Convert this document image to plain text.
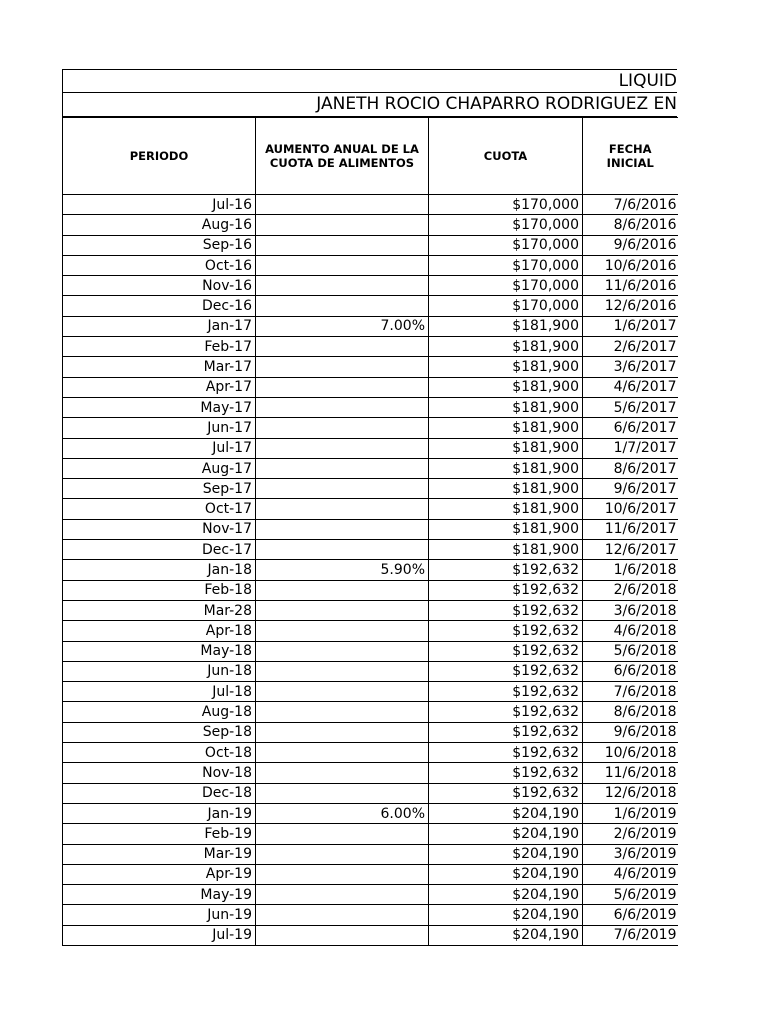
LIQUID
JANETH ROCIO CHAPARRO RODRIGUEZ EN
PERIODO	AUMENTO ANUAL DE LA CUOTA DE ALIMENTOS	CUOTA	FECHA INICIAL
Jul-16		$170,000	7/6/2016
Aug-16		$170,000	8/6/2016
Sep-16		$170,000	9/6/2016
Oct-16		$170,000	10/6/2016
Nov-16		$170,000	11/6/2016
Dec-16		$170,000	12/6/2016
Jan-17	7.00%	$181,900	1/6/2017
Feb-17		$181,900	2/6/2017
Mar-17		$181,900	3/6/2017
Apr-17		$181,900	4/6/2017
May-17		$181,900	5/6/2017
Jun-17		$181,900	6/6/2017
Jul-17		$181,900	1/7/2017
Aug-17		$181,900	8/6/2017
Sep-17		$181,900	9/6/2017
Oct-17		$181,900	10/6/2017
Nov-17		$181,900	11/6/2017
Dec-17		$181,900	12/6/2017
Jan-18	5.90%	$192,632	1/6/2018
Feb-18		$192,632	2/6/2018
Mar-28		$192,632	3/6/2018
Apr-18		$192,632	4/6/2018
May-18		$192,632	5/6/2018
Jun-18		$192,632	6/6/2018
Jul-18		$192,632	7/6/2018
Aug-18		$192,632	8/6/2018
Sep-18		$192,632	9/6/2018
Oct-18		$192,632	10/6/2018
Nov-18		$192,632	11/6/2018
Dec-18		$192,632	12/6/2018
Jan-19	6.00%	$204,190	1/6/2019
Feb-19		$204,190	2/6/2019
Mar-19		$204,190	3/6/2019
Apr-19		$204,190	4/6/2019
May-19		$204,190	5/6/2019
Jun-19		$204,190	6/6/2019
Jul-19		$204,190	7/6/2019
